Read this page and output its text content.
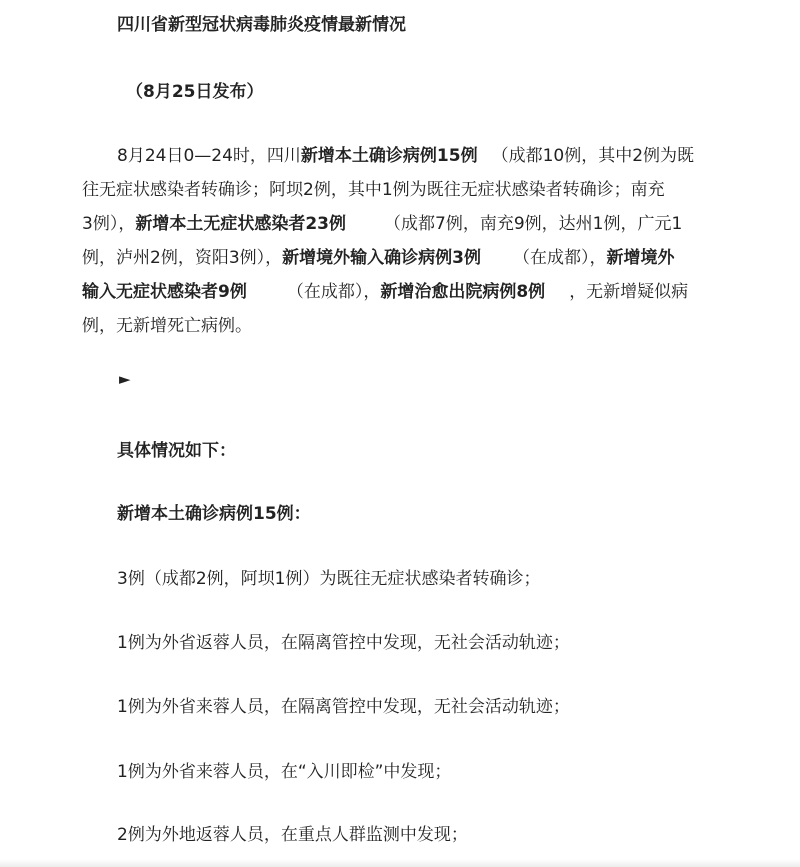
四川省新型冠状病毒肺炎疫情最新情况
（8月25日发布）
8月24日0—24时，四川新增本土确诊病例15例 （成都10例，其中2例为既
往无症状感染者转确诊；阿坝2例，其中1例为既往无症状感染者转确诊；南充
3例），新增本土无症状感染者23例 （成都7例，南充9例，达州1例，广元1
例，泸州2例，资阳3例），新增境外输入确诊病例3例 （在成都），新增境外
输入无症状感染者9例 （在成都），新增治愈出院病例8例 ，无新增疑似病
例，无新增死亡病例。
►
具体情况如下：
新增本土确诊病例15例：
3例（成都2例，阿坝1例）为既往无症状感染者转确诊；
1例为外省返蓉人员，在隔离管控中发现，无社会活动轨迹；
1例为外省来蓉人员，在隔离管控中发现，无社会活动轨迹；
1例为外省来蓉人员，在“入川即检”中发现；
2例为外地返蓉人员，在重点人群监测中发现；
